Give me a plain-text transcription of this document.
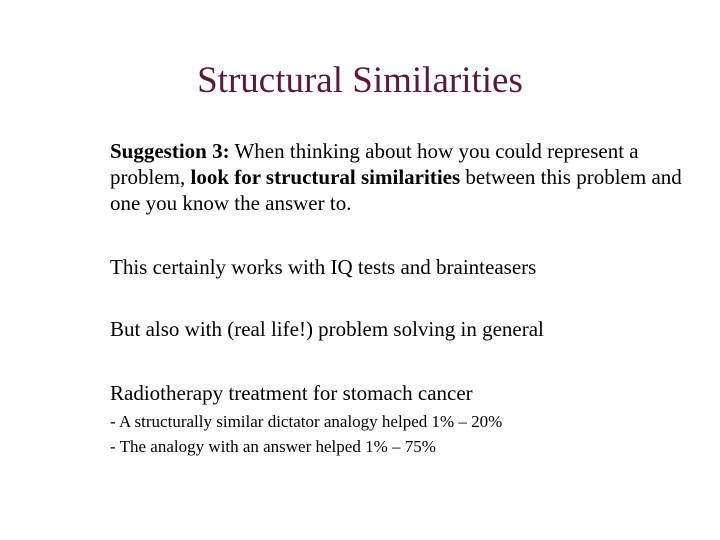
Structural Similarities

Suggestion 3: When thinking about how you could represent a problem, look for structural similarities between this problem and one you know the answer to.

This certainly works with IQ tests and brainteasers

But also with (real life!) problem solving in general

Radiotherapy treatment for stomach cancer

- A structurally similar dictator analogy helped 1% – 20%

- The analogy with an answer helped 1% – 75%
